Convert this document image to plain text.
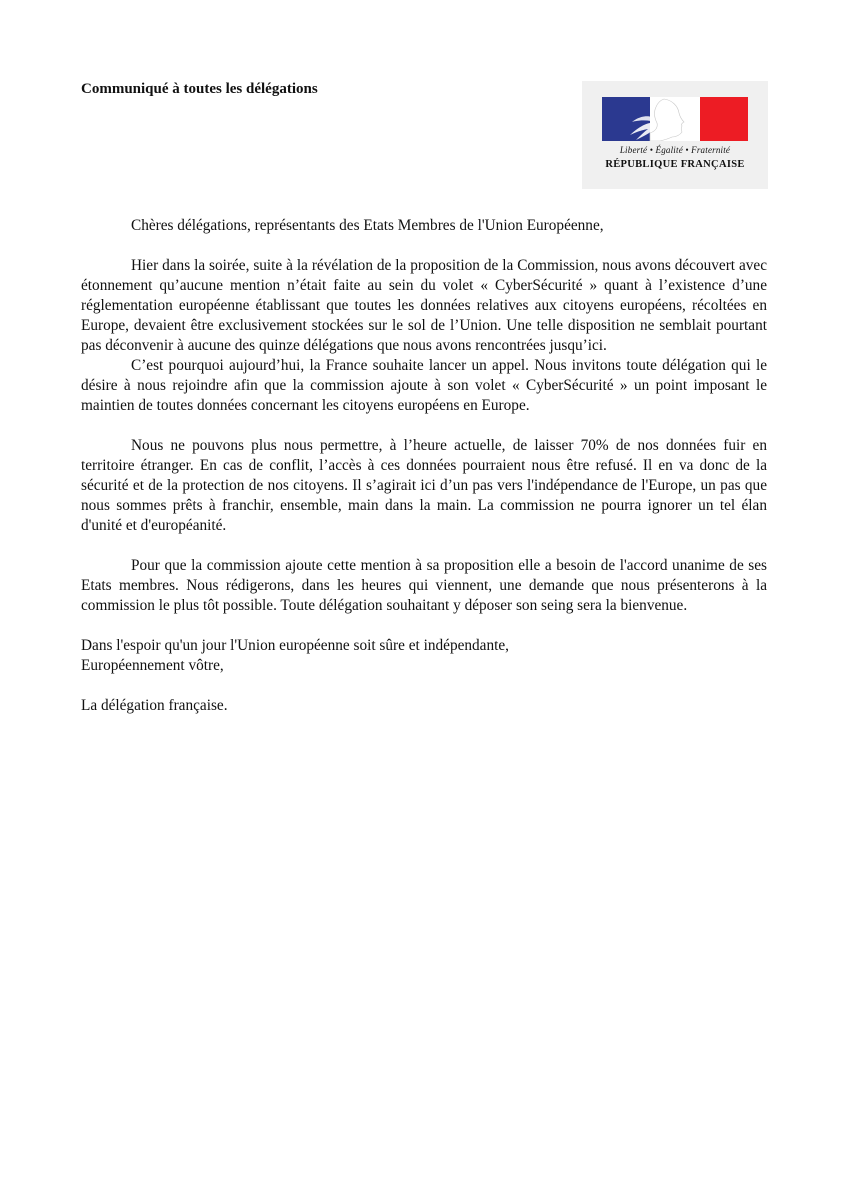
Communiqué à toutes les délégations
Liberté • Égalité • Fraternité
RÉPUBLIQUE FRANÇAISE

Chères délégations, représentants des Etats Membres de l'Union Européenne,

Hier dans la soirée, suite à la révélation de la proposition de la Commission, nous avons découvert avec étonnement qu’aucune mention n’était faite au sein du volet « CyberSécurité » quant à l’existence d’une réglementation européenne établissant que toutes les données relatives aux citoyens européens, récoltées en Europe, devaient être exclusivement stockées sur le sol de l’Union. Une telle disposition ne semblait pourtant pas déconvenir à aucune des quinze délégations que nous avons rencontrées jusqu’ici.

C’est pourquoi aujourd’hui, la France souhaite lancer un appel. Nous invitons toute délégation qui le désire à nous rejoindre afin que la commission ajoute à son volet « CyberSécurité » un point imposant le maintien de toutes données concernant les citoyens européens en Europe.

Nous ne pouvons plus nous permettre, à l’heure actuelle, de laisser 70% de nos données fuir en territoire étranger. En cas de conflit, l’accès à ces données pourraient nous être refusé. Il en va donc de la sécurité et de la protection de nos citoyens. Il s’agirait ici d’un pas vers l'indépendance de l'Europe, un pas que nous sommes prêts à franchir, ensemble, main dans la main. La commission ne pourra ignorer un tel élan d'unité et d'européanité.

Pour que la commission ajoute cette mention à sa proposition elle a besoin de l'accord unanime de ses Etats membres. Nous rédigerons, dans les heures qui viennent, une demande que nous présenterons à la commission le plus tôt possible. Toute délégation souhaitant y déposer son seing sera la bienvenue.

Dans l'espoir qu'un jour l'Union européenne soit sûre et indépendante,

Européennement vôtre,

La délégation française.
